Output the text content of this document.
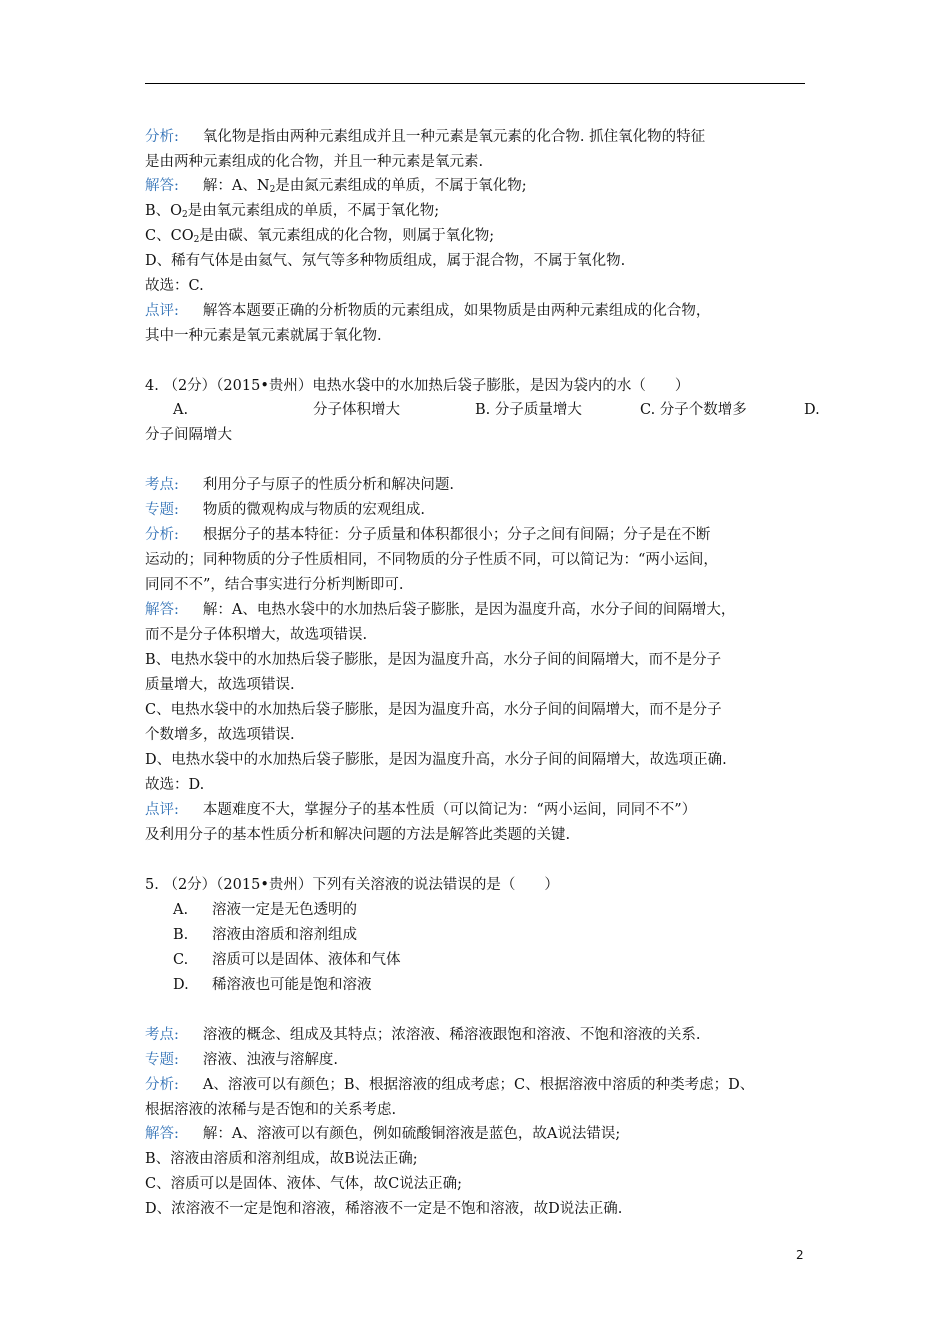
分析: 氧化物是指由两种元素组成并且一种元素是氧元素的化合物. 抓住氧化物的特征
是由两种元素组成的化合物，并且一种元素是氧元素.
解答: 解：A、$N_2$是由氮元素组成的单质，不属于氧化物;
B、$O_2$是由氧元素组成的单质，不属于氧化物;
C、$CO_2$是由碳、氧元素组成的化合物，则属于氧化物;
D、稀有气体是由氦气、氖气等多种物质组成，属于混合物，不属于氧化物.
故选：C.
点评: 解答本题要正确的分析物质的元素组成，如果物质是由两种元素组成的化合物，
其中一种元素是氧元素就属于氧化物.
4. （2分）（2015•贵州）电热水袋中的水加热后袋子膨胀，是因为袋内的水（　　）
A.	分子体积增大	B. 分子质量增大	C. 分子个数增多	D.
分子间隔增大
考点: 利用分子与原子的性质分析和解决问题.
专题: 物质的微观构成与物质的宏观组成.
分析: 根据分子的基本特征：分子质量和体积都很小；分子之间有间隔；分子是在不断
运动的；同种物质的分子性质相同，不同物质的分子性质不同，可以简记为：“两小运间，
同同不不”，结合事实进行分析判断即可.
解答: 解：A、电热水袋中的水加热后袋子膨胀，是因为温度升高，水分子间的间隔增大，
而不是分子体积增大，故选项错误.
B、电热水袋中的水加热后袋子膨胀，是因为温度升高，水分子间的间隔增大，而不是分子
质量增大，故选项错误.
C、电热水袋中的水加热后袋子膨胀，是因为温度升高，水分子间的间隔增大，而不是分子
个数增多，故选项错误.
D、电热水袋中的水加热后袋子膨胀，是因为温度升高，水分子间的间隔增大，故选项正确.
故选：D.
点评: 本题难度不大，掌握分子的基本性质（可以简记为：“两小运间，同同不不”）
及利用分子的基本性质分析和解决问题的方法是解答此类题的关键.
5. （2分）（2015•贵州）下列有关溶液的说法错误的是（　　）
A. 溶液一定是无色透明的
B. 溶液由溶质和溶剂组成
C. 溶质可以是固体、液体和气体
D. 稀溶液也可能是饱和溶液
考点: 溶液的概念、组成及其特点；浓溶液、稀溶液跟饱和溶液、不饱和溶液的关系.
专题: 溶液、浊液与溶解度.
分析: A、溶液可以有颜色；B、根据溶液的组成考虑；C、根据溶液中溶质的种类考虑；D、
根据溶液的浓稀与是否饱和的关系考虑.
解答: 解：A、溶液可以有颜色，例如硫酸铜溶液是蓝色，故A说法错误;
B、溶液由溶质和溶剂组成，故B说法正确;
C、溶质可以是固体、液体、气体，故C说法正确;
D、浓溶液不一定是饱和溶液，稀溶液不一定是不饱和溶液，故D说法正确.
2
